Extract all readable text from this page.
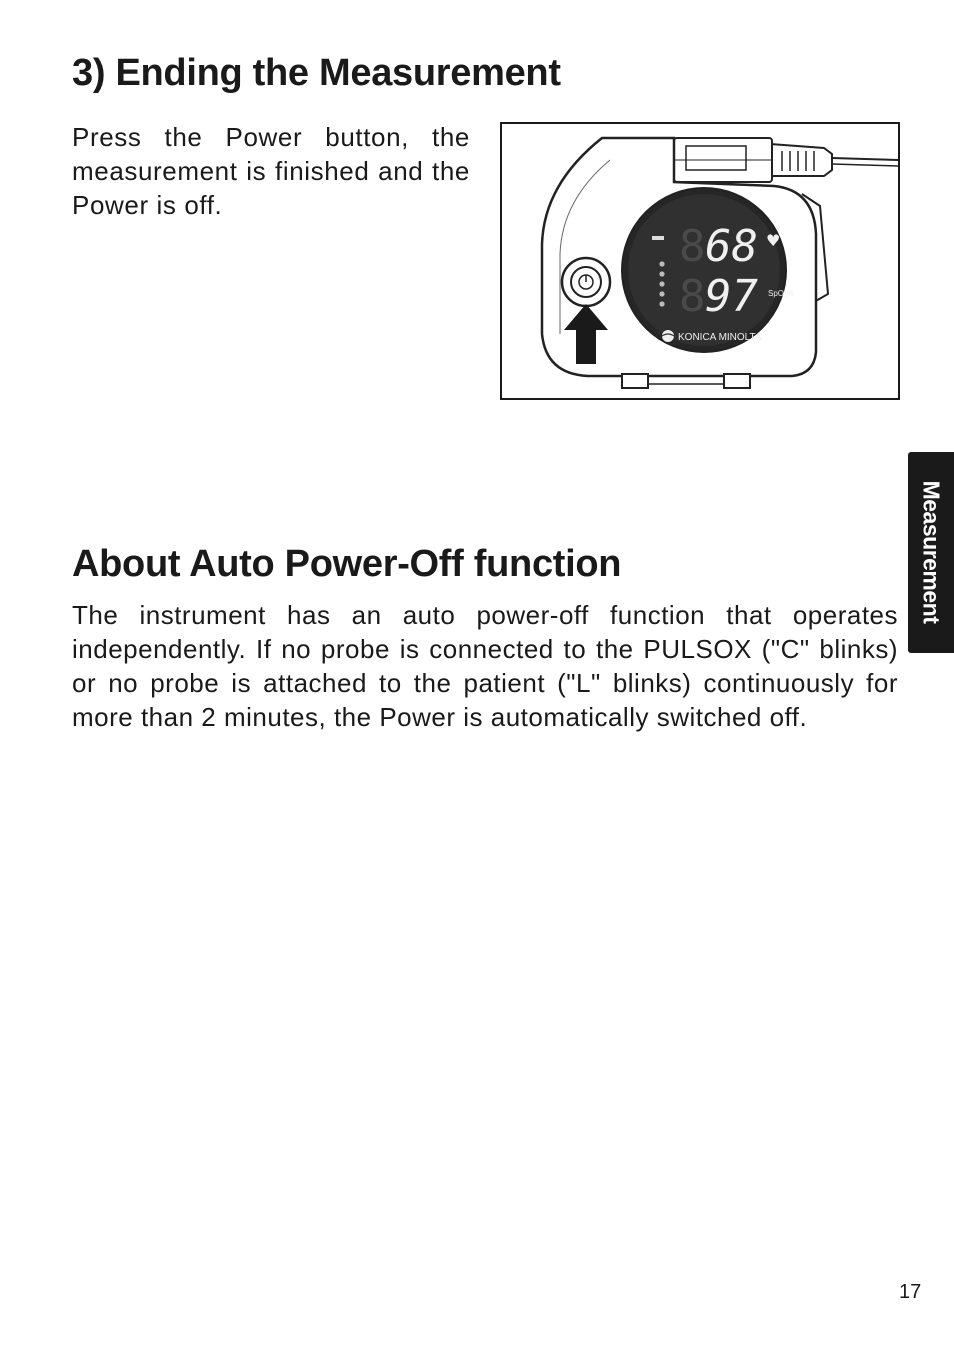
3) Ending the Measurement

Press the Power button, the measurement is finished and the Power is off.

8 68 ♥
8 97 SpO₂%
KONICA MINOLTA
About Auto Power-Off function

The instrument has an auto power-off function that operates independently. If no probe is connected to the PULSOX ("C" blinks) or no probe is attached to the patient ("L" blinks) continuously for more than 2 minutes, the Power is automatically switched off.

Measurement
17
